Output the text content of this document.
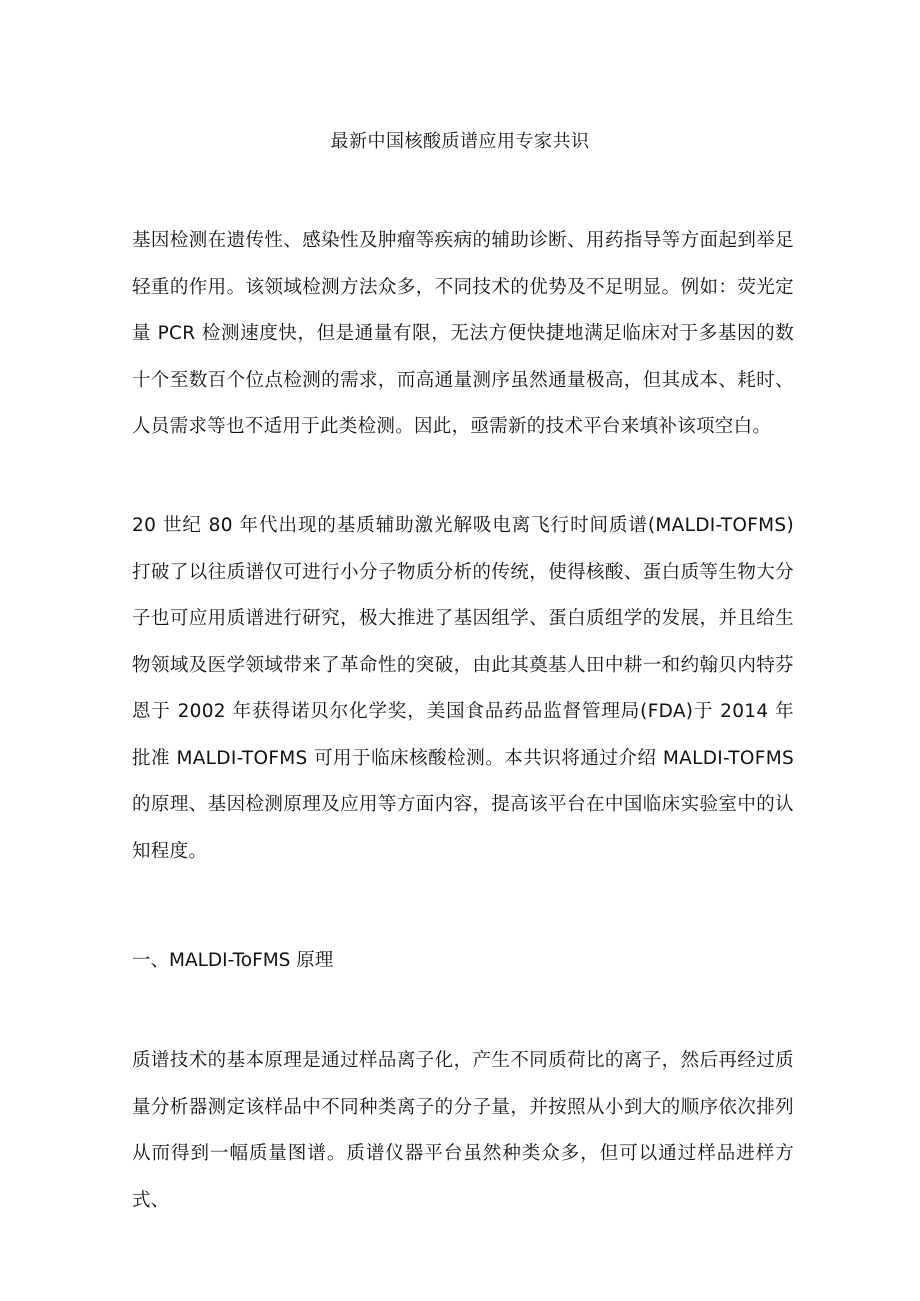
最新中国核酸质谱应用专家共识

基因检测在遗传性、感染性及肿瘤等疾病的辅助诊断、用药指导等方面起到举足轻重的作用。该领域检测方法众多，不同技术的优势及不足明显。例如：荧光定量 PCR 检测速度快，但是通量有限，无法方便快捷地满足临床对于多基因的数十个至数百个位点检测的需求，而高通量测序虽然通量极高，但其成本、耗时、人员需求等也不适用于此类检测。因此，亟需新的技术平台来填补该项空白。

20 世纪 80 年代出现的基质辅助激光解吸电离飞行时间质谱(MALDI-TOFMS)打破了以往质谱仅可进行小分子物质分析的传统，使得核酸、蛋白质等生物大分子也可应用质谱进行研究，极大推进了基因组学、蛋白质组学的发展，并且给生物领域及医学领域带来了革命性的突破，由此其奠基人田中耕一和约翰贝内特芬恩于 2002 年获得诺贝尔化学奖，美国食品药品监督管理局(FDA)于 2014 年批准 MALDI-TOFMS 可用于临床核酸检测。本共识将通过介绍 MALDI-TOFMS 的原理、基因检测原理及应用等方面内容，提高该平台在中国临床实验室中的认知程度。

一、MALDI-ToFMS 原理

质谱技术的基本原理是通过样品离子化，产生不同质荷比的离子，然后再经过质量分析器测定该样品中不同种类离子的分子量，并按照从小到大的顺序依次排列从而得到一幅质量图谱。质谱仪器平台虽然种类众多，但可以通过样品进样方式、
